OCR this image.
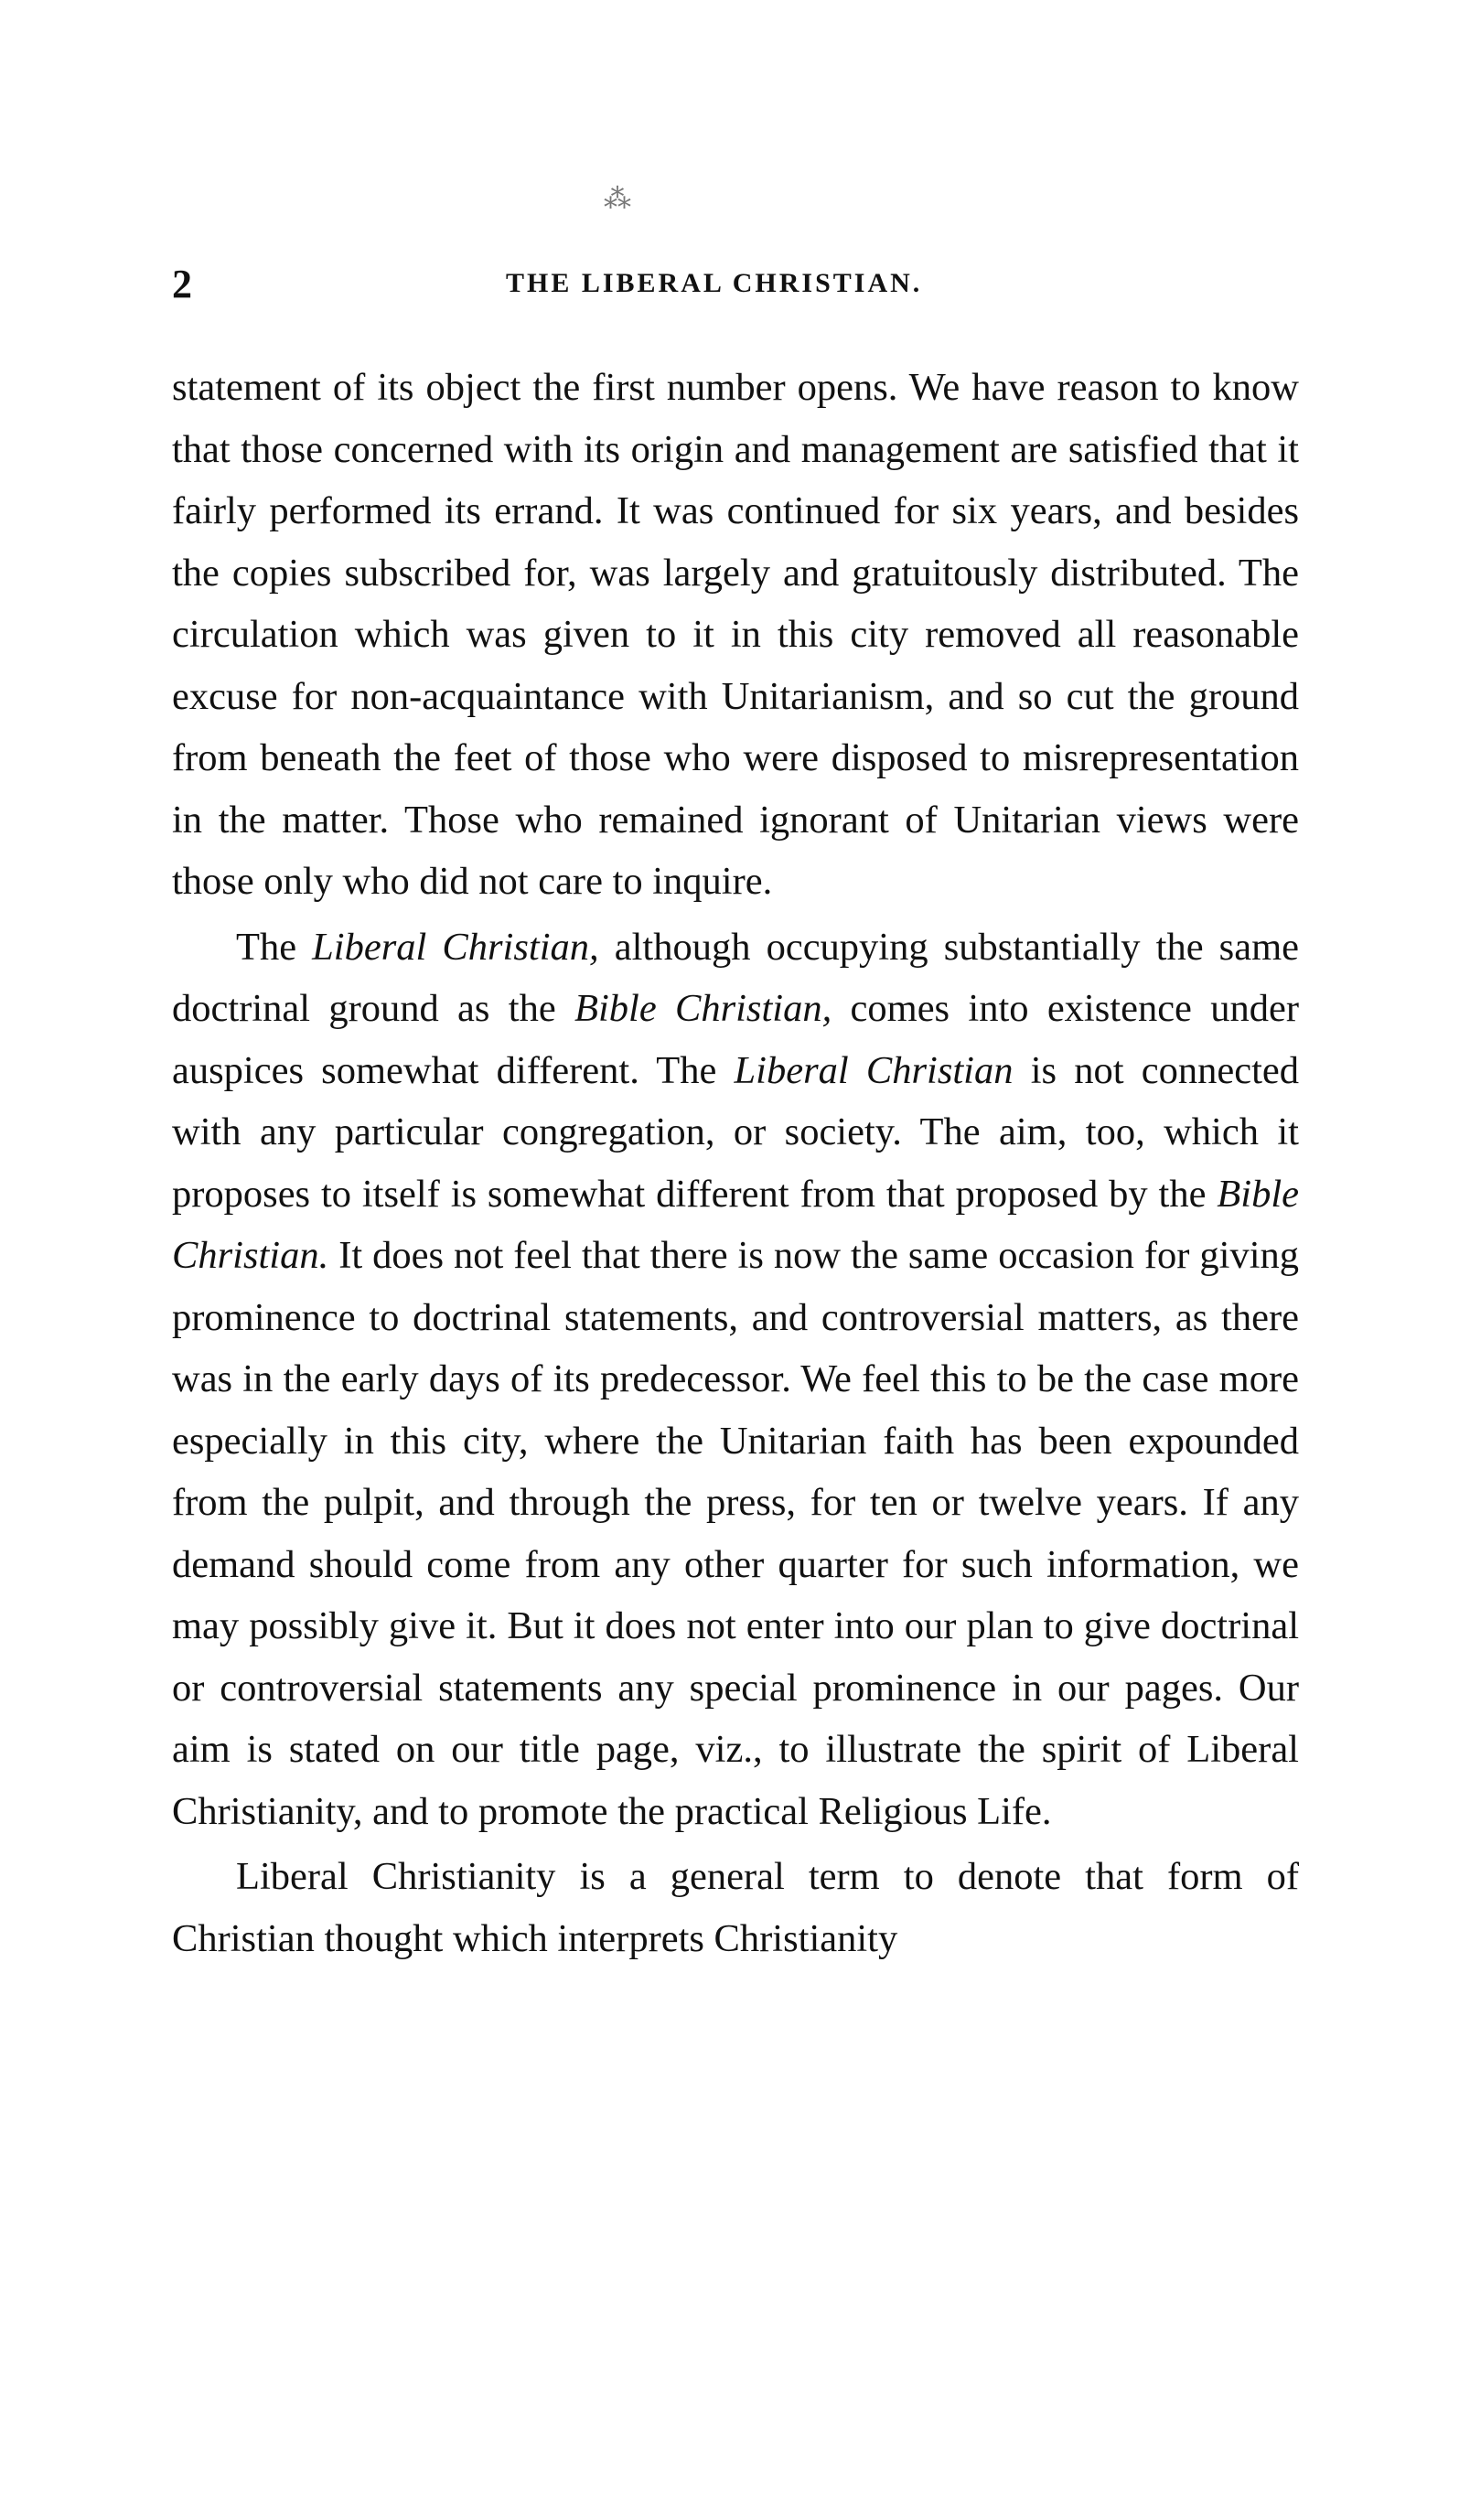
⁂
2	THE LIBERAL CHRISTIAN.

statement of its object the first number opens. We have reason to know that those concerned with its origin and management are satisfied that it fairly performed its errand. It was continued for six years, and besides the copies subscribed for, was largely and gratuitously distributed. The circulation which was given to it in this city removed all reasonable excuse for non-acquaintance with Unitarianism, and so cut the ground from beneath the feet of those who were disposed to misrepresentation in the matter. Those who remained ignorant of Unitarian views were those only who did not care to inquire.

The Liberal Christian, although occupying substantially the same doctrinal ground as the Bible Christian, comes into existence under auspices somewhat different. The Liberal Christian is not connected with any particular congregation, or society. The aim, too, which it proposes to itself is somewhat different from that proposed by the Bible Christian. It does not feel that there is now the same occasion for giving prominence to doctrinal statements, and controversial matters, as there was in the early days of its predecessor. We feel this to be the case more especially in this city, where the Unitarian faith has been expounded from the pulpit, and through the press, for ten or twelve years. If any demand should come from any other quarter for such information, we may possibly give it. But it does not enter into our plan to give doctrinal or controversial statements any special prominence in our pages. Our aim is stated on our title page, viz., to illustrate the spirit of Liberal Christianity, and to promote the practical Religious Life.

Liberal Christianity is a general term to denote that form of Christian thought which interprets Christianity
